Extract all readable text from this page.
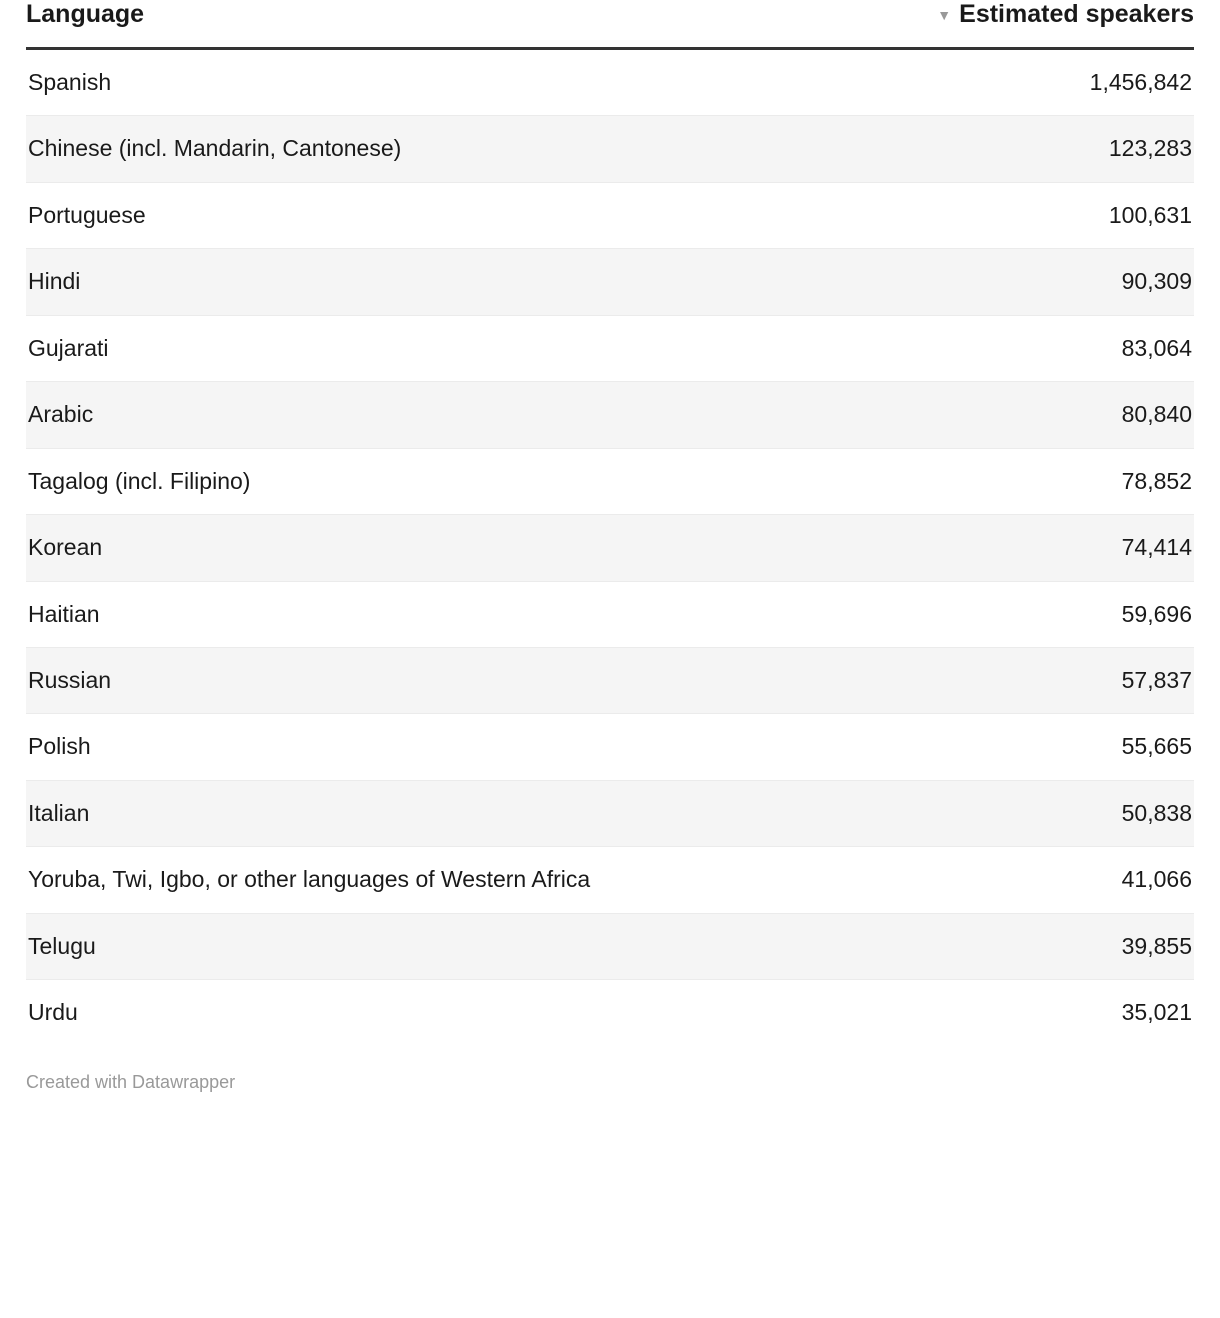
Language	▼ Estimated speakers
Spanish	1,456,842
Chinese (incl. Mandarin, Cantonese)	123,283
Portuguese	100,631
Hindi	90,309
Gujarati	83,064
Arabic	80,840
Tagalog (incl. Filipino)	78,852
Korean	74,414
Haitian	59,696
Russian	57,837
Polish	55,665
Italian	50,838
Yoruba, Twi, Igbo, or other languages of Western Africa	41,066
Telugu	39,855
Urdu	35,021
Created with Datawrapper
